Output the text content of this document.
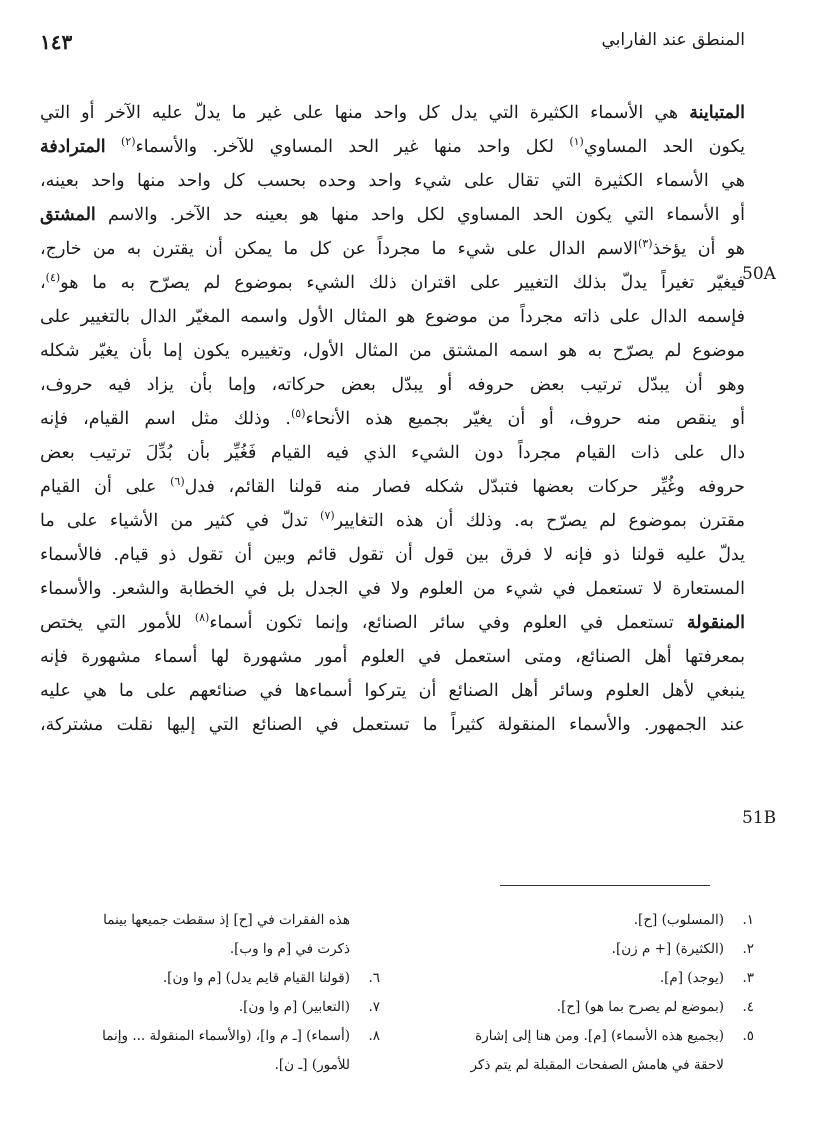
المنطق عند الفارابي
١٤٣
المتباينة هي الأسماء الكثيرة التي يدل كل واحد منها على غير ما يدلّ عليه الآخر أو التي
يكون الحد المساوي$^{(١)}$ لكل واحد منها غير الحد المساوي للآخر. والأسماء$^{(٢)}$ المترادفة
هي الأسماء الكثيرة التي تقال على شيء واحد وحده بحسب كل واحد منها واحد بعينه،
أو الأسماء التي يكون الحد المساوي لكل واحد منها هو بعينه حد الآخر. والاسم المشتق
هو أن يؤخذ$^{(٣)}$الاسم الدال على شيء ما مجرداً عن كل ما يمكن أن يقترن به من خارج،
فيغيّر تغيراً يدلّ بذلك التغيير على اقتران ذلك الشيء بموضوع لم يصرّح به ما هو$^{(٤)}$،
فإسمه الدال على ذاته مجرداً من موضوع هو المثال الأول واسمه المغيّر الدال بالتغيير على
موضوع لم يصرّح به هو اسمه المشتق من المثال الأول، وتغييره يكون إما بأن يغيّر شكله
وهو أن يبدّل ترتيب بعض حروفه أو يبدّل بعض حركاته، وإما بأن يزاد فيه حروف،
أو ينقص منه حروف، أو أن يغيّر بجميع هذه الأنحاء$^{(٥)}$. وذلك مثل اسم القيام، فإنه
دال على ذات القيام مجرداً دون الشيء الذي فيه القيام فَغُيِّر بأن بُدِّلَ ترتيب بعض
حروفه وغُيِّر حركات بعضها فتبدّل شكله فصار منه قولنا القائم، فدل$^{(٦)}$ على أن القيام
مقترن بموضوع لم يصرّح به. وذلك أن هذه التغايير$^{(٧)}$ تدلّ في كثير من الأشياء على ما
يدلّ عليه قولنا ذو فإنه لا فرق بين قول أن تقول قائم وبين أن تقول ذو قيام. فالأسماء
المستعارة لا تستعمل في شيء من العلوم ولا في الجدل بل في الخطابة والشعر. والأسماء
المنقولة تستعمل في العلوم وفي سائر الصنائع، وإنما تكون أسماء$^{(٨)}$ للأمور التي يختص
بمعرفتها أهل الصنائع، ومتى استعمل في العلوم أمور مشهورة لها أسماء مشهورة فإنه
ينبغي لأهل العلوم وسائر أهل الصنائع أن يتركوا أسماءها في صنائعهم على ما هي عليه
عند الجمهور. والأسماء المنقولة كثيراً ما تستعمل في الصنائع التي إليها نقلت مشتركة،
50A
51B
١.
(المسلوب) [ح].
٢.
(الكثيرة) [+ م زن].
٣.
(يوجد) [م].
٤.
(بموضع لم يصرح بما هو) [ح].
٥.
(بجميع هذه الأسماء) [م]. ومن هنا إلى إشارة
لاحقة في هامش الصفحات المقبلة لم يتم ذكر
هذه الفقرات في [ح] إذ سقطت جميعها بينما
ذكرت في [م وا وب].
٦.
(قولنا القيام قايم يدل) [م وا ون].
٧.
(التعابير) [م وا ون].
٨.
(أسماء) [ـ م وا]، (والأسماء المنقولة ... وإنما
للأمور) [ـ ن].
